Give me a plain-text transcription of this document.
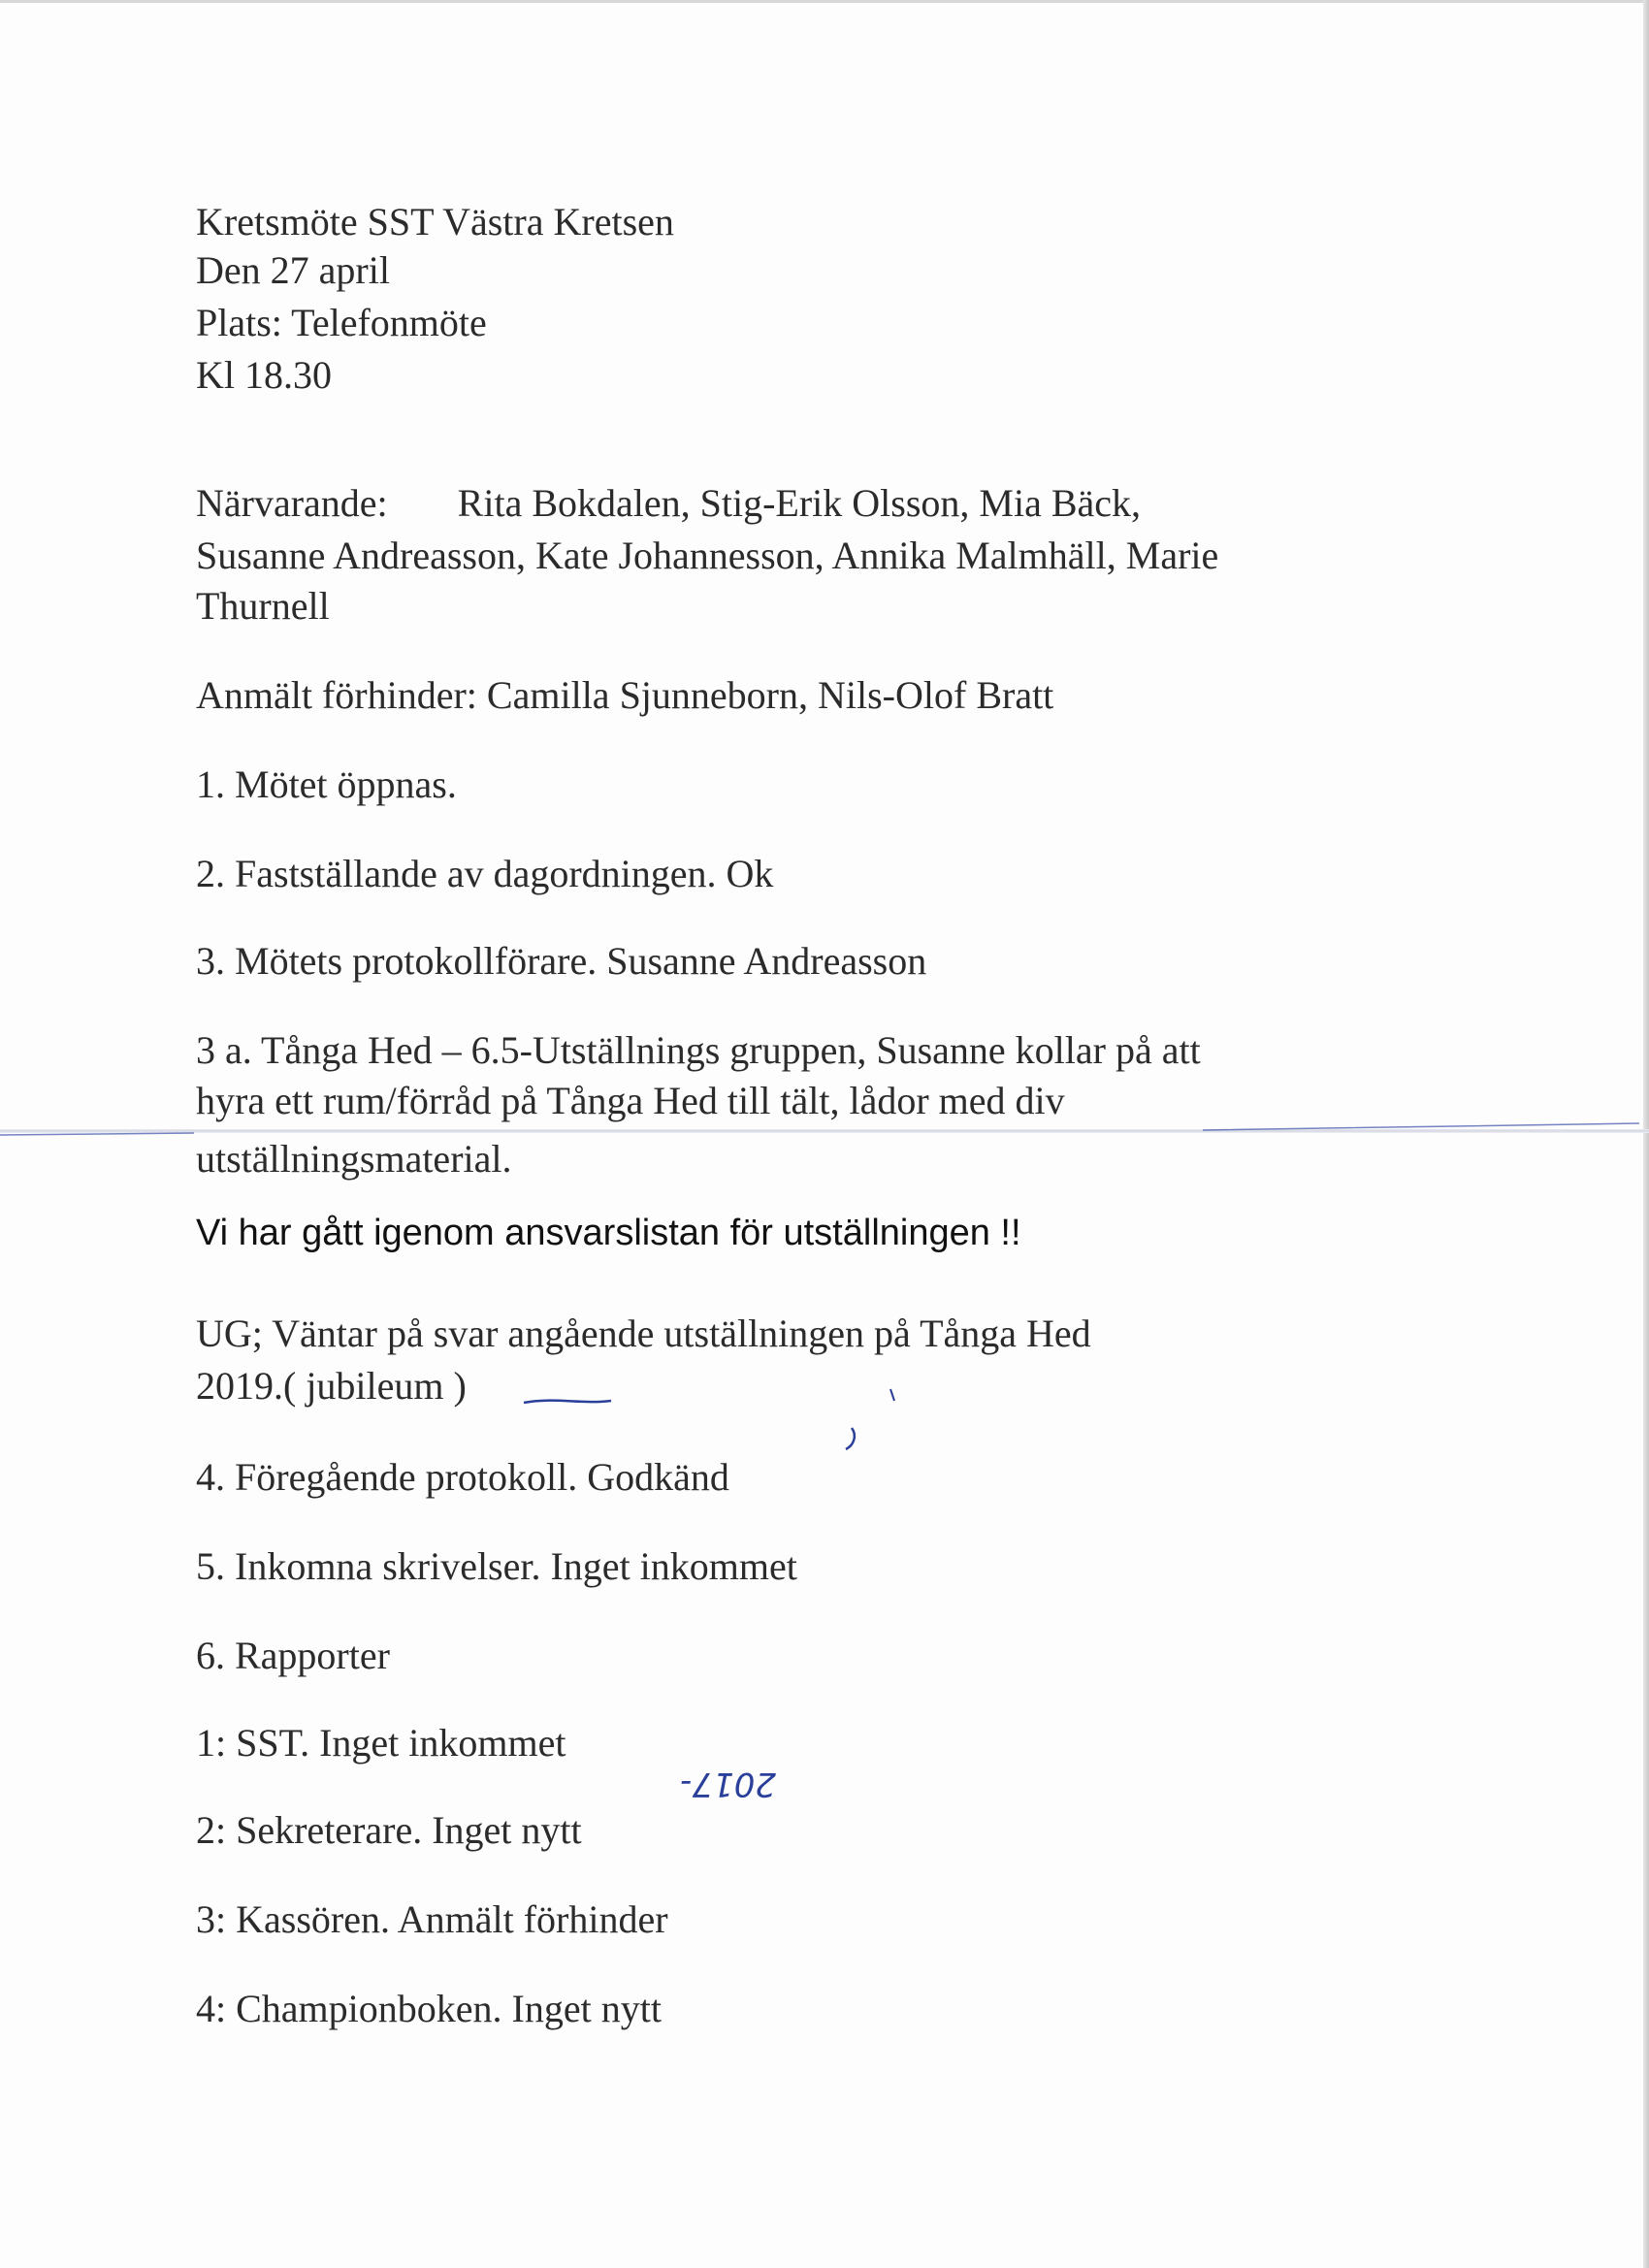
Kretsmöte SST Västra Kretsen
Den 27 april
Plats: Telefonmöte
Kl 18.30
Närvarande: Rita Bokdalen, Stig-Erik Olsson, Mia Bäck,
Susanne Andreasson, Kate Johannesson, Annika Malmhäll, Marie
Thurnell
Anmält förhinder: Camilla Sjunneborn, Nils-Olof Bratt
1. Mötet öppnas.
2. Fastställande av dagordningen. Ok
3. Mötets protokollförare. Susanne Andreasson
3 a. Tånga Hed – 6.5-Utställnings gruppen, Susanne kollar på att
hyra ett rum/förråd på Tånga Hed till tält, lådor med div
utställningsmaterial.
Vi har gått igenom ansvarslistan för utställningen !!
UG; Väntar på svar angående utställningen på Tånga Hed
2019.( jubileum )
4. Föregående protokoll. Godkänd
5. Inkomna skrivelser. Inget inkommet
6. Rapporter
1: SST. Inget inkommet
2: Sekreterare. Inget nytt
3: Kassören. Anmält förhinder
4: Championboken. Inget nytt
2017-
